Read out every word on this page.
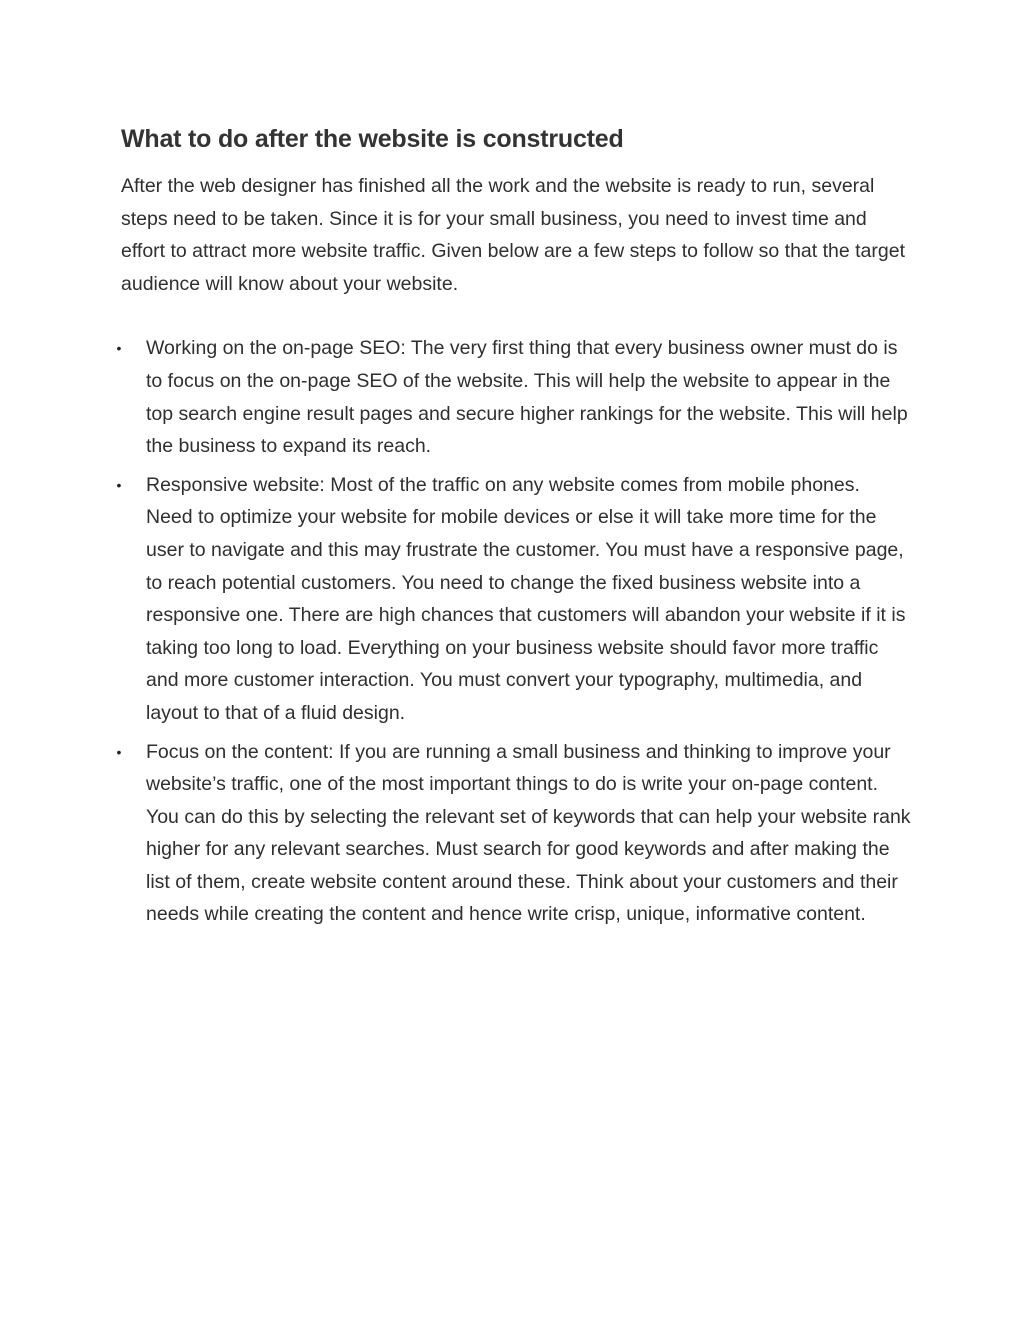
What to do after the website is constructed

After the web designer has finished all the work and the website is ready to run, several steps need to be taken. Since it is for your small business, you need to invest time and effort to attract more website traffic. Given below are a few steps to follow so that the target audience will know about your website.

• Working on the on-page SEO: The very first thing that every business owner must do is to focus on the on-page SEO of the website. This will help the website to appear in the top search engine result pages and secure higher rankings for the website. This will help the business to expand its reach.
• Responsive website: Most of the traffic on any website comes from mobile phones. Need to optimize your website for mobile devices or else it will take more time for the user to navigate and this may frustrate the customer. You must have a responsive page, to reach potential customers. You need to change the fixed business website into a responsive one. There are high chances that customers will abandon your website if it is taking too long to load. Everything on your business website should favor more traffic and more customer interaction. You must convert your typography, multimedia, and layout to that of a fluid design.
• Focus on the content: If you are running a small business and thinking to improve your website’s traffic, one of the most important things to do is write your on-page content. You can do this by selecting the relevant set of keywords that can help your website rank higher for any relevant searches. Must search for good keywords and after making the list of them, create website content around these. Think about your customers and their needs while creating the content and hence write crisp, unique, informative content.
